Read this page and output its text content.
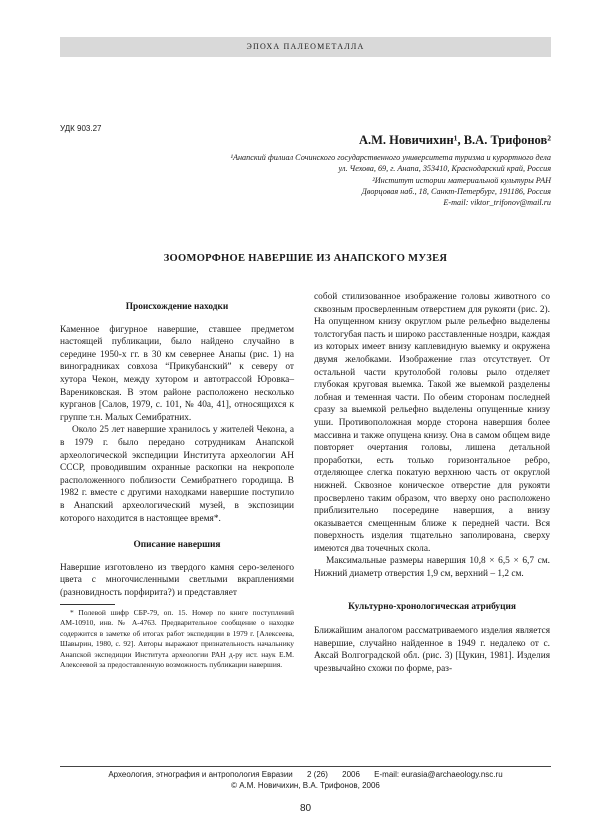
ЭПОХА ПАЛЕОМЕТАЛЛА
УДК 903.27
А.М. Новичихин¹, В.А. Трифонов²
¹Анапский филиал Сочинского государственного университета туризма и курортного дела
ул. Чехова, 69, г. Анапа, 353410, Краснодарский край, Россия
²Институт истории материальной культуры РАН
Дворцовая наб., 18, Санкт-Петербург, 191186, Россия
E-mail: viktor_trifonov@mail.ru
ЗООМОРФНОЕ НАВЕРШИЕ ИЗ АНАПСКОГО МУЗЕЯ
Происхождение находки

Каменное фигурное навершие, ставшее предметом настоящей публикации, было найдено случайно в середине 1950-х гг. в 30 км севернее Анапы (рис. 1) на виноградниках совхоза “Прикубанский” к северу от хутора Чекон, между хутором и автотрассой Юровка–Варениковская. В этом районе расположено несколько курганов [Салов, 1979, с. 101, № 40а, 41], относящихся к группе т.н. Малых Семибратних.

Около 25 лет навершие хранилось у жителей Чекона, а в 1979 г. было передано сотрудникам Анапской археологической экспедиции Института археологии АН СССР, проводившим охранные раскопки на некрополе расположенного поблизости Семибратнего городища. В 1982 г. вместе с другими находками навершие поступило в Анапский археологический музей, в экспозиции которого находится в настоящее время*.

Описание навершия

Навершие изготовлено из твердого камня серо-зеленого цвета с многочисленными светлыми вкраплениями (разновидность порфирита?) и представляет

* Полевой шифр СБР-79, оп. 15. Номер по книге поступлений АМ-10910, инв. № А-4763. Предварительное сообщение о находке содержится в заметке об итогах работ экспедиции в 1979 г. [Алексеева, Шавырин, 1980, с. 92]. Авторы выражают признательность начальнику Анапской экспедиции Института археологии РАН д-ру ист. наук Е.М. Алексеевой за предоставленную возможность публикации навершия.

собой стилизованное изображение головы животного со сквозным просверленным отверстием для рукояти (рис. 2). На опущенном книзу округлом рыле рельефно выделены толстогубая пасть и широко расставленные ноздри, каждая из которых имеет внизу каплевидную выемку и окружена двумя желобками. Изображение глаз отсутствует. От остальной части крутолобой головы рыло отделяет глубокая круговая выемка. Такой же выемкой разделены лобная и теменная части. По обеим сторонам последней сразу за выемкой рельефно выделены опущенные книзу уши. Противоположная морде сторона навершия более массивна и также опущена книзу. Она в самом общем виде повторяет очертания головы, лишена детальной проработки, есть только горизонтальное ребро, отделяющее слегка покатую верхнюю часть от округлой нижней. Сквозное коническое отверстие для рукояти просверлено таким образом, что вверху оно расположено приблизительно посередине навершия, а внизу оказывается смещенным ближе к передней части. Вся поверхность изделия тщательно заполирована, сверху имеются два точечных скола.

Максимальные размеры навершия 10,8 × 6,5 × 6,7 см. Нижний диаметр отверстия 1,9 см, верхний – 1,2 см.

Культурно-хронологическая атрибуция

Ближайшим аналогом рассматриваемого изделия является навершие, случайно найденное в 1949 г. недалеко от с. Аксай Волгоградской обл. (рис. 3) [Цукин, 1981]. Изделия чрезвычайно схожи по форме, раз-

Археология, этнография и антропология Евразии 2 (26) 2006 E-mail: eurasia@archaeology.nsc.ru
© А.М. Новичихин, В.А. Трифонов, 2006
80
